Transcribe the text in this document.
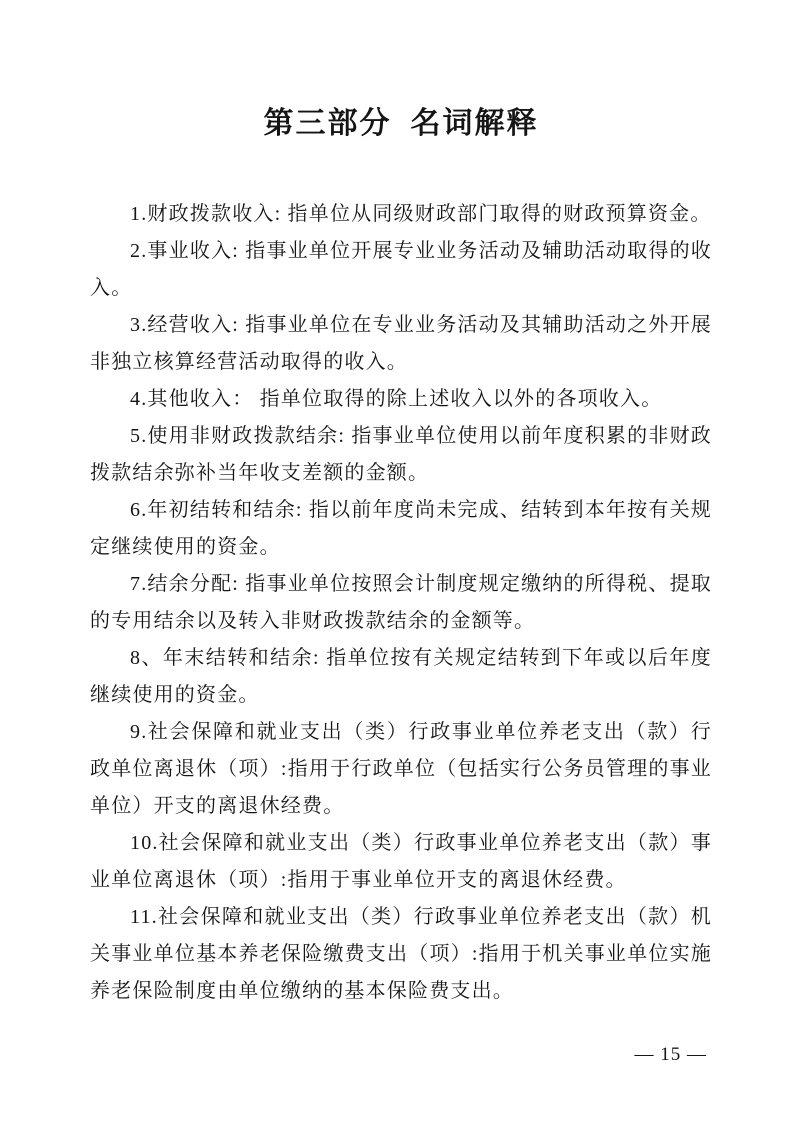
第三部分  名词解释

1.财政拨款收入: 指单位从同级财政部门取得的财政预算资金。

2.事业收入: 指事业单位开展专业业务活动及辅助活动取得的收入。

3.经营收入: 指事业单位在专业业务活动及其辅助活动之外开展非独立核算经营活动取得的收入。

4.其他收入： 指单位取得的除上述收入以外的各项收入。

5.使用非财政拨款结余: 指事业单位使用以前年度积累的非财政拨款结余弥补当年收支差额的金额。

6.年初结转和结余: 指以前年度尚未完成、结转到本年按有关规定继续使用的资金。

7.结余分配: 指事业单位按照会计制度规定缴纳的所得税、提取的专用结余以及转入非财政拨款结余的金额等。

8、年末结转和结余: 指单位按有关规定结转到下年或以后年度继续使用的资金。

9.社会保障和就业支出（类）行政事业单位养老支出（款）行政单位离退休（项）:指用于行政单位（包括实行公务员管理的事业单位）开支的离退休经费。

10.社会保障和就业支出（类）行政事业单位养老支出（款）事业单位离退休（项）:指用于事业单位开支的离退休经费。

11.社会保障和就业支出（类）行政事业单位养老支出（款）机关事业单位基本养老保险缴费支出（项）:指用于机关事业单位实施养老保险制度由单位缴纳的基本保险费支出。

— 15 —
